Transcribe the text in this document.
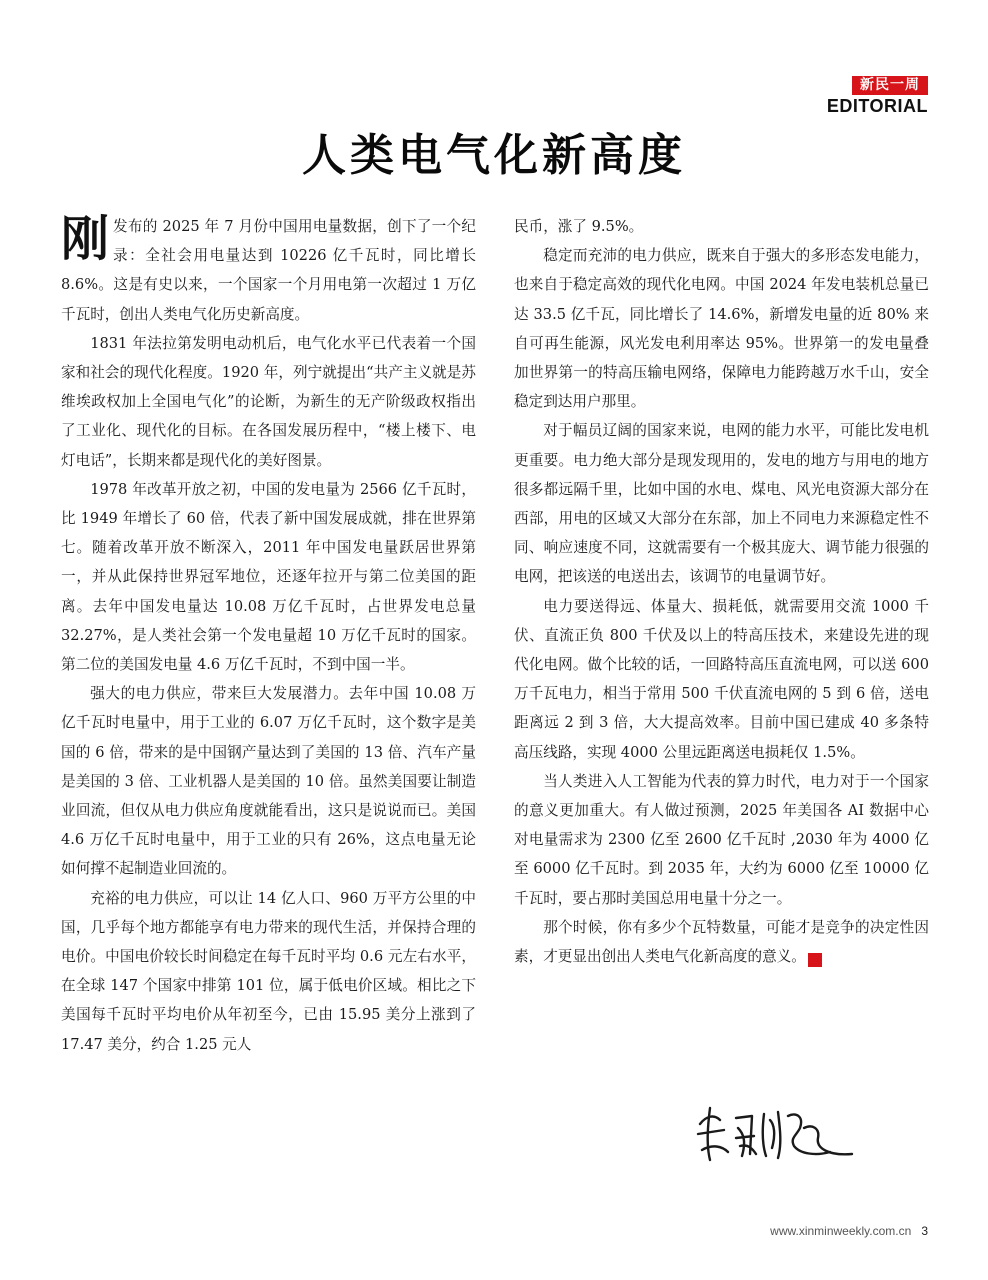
新民一周
EDITORIAL
人类电气化新高度

刚发布的 2025 年 7 月份中国用电量数据，创下了一个纪录：全社会用电量达到 10226 亿千瓦时，同比增长 8.6%。这是有史以来，一个国家一个月用电第一次超过 1 万亿千瓦时，创出人类电气化历史新高度。

1831 年法拉第发明电动机后，电气化水平已代表着一个国家和社会的现代化程度。1920 年，列宁就提出“共产主义就是苏维埃政权加上全国电气化”的论断，为新生的无产阶级政权指出了工业化、现代化的目标。在各国发展历程中，“楼上楼下、电灯电话”，长期来都是现代化的美好图景。

1978 年改革开放之初，中国的发电量为 2566 亿千瓦时，比 1949 年增长了 60 倍，代表了新中国发展成就，排在世界第七。随着改革开放不断深入，2011 年中国发电量跃居世界第一，并从此保持世界冠军地位，还逐年拉开与第二位美国的距离。去年中国发电量达 10.08 万亿千瓦时，占世界发电总量 32.27%，是人类社会第一个发电量超 10 万亿千瓦时的国家。第二位的美国发电量 4.6 万亿千瓦时，不到中国一半。

强大的电力供应，带来巨大发展潜力。去年中国 10.08 万亿千瓦时电量中，用于工业的 6.07 万亿千瓦时，这个数字是美国的 6 倍，带来的是中国钢产量达到了美国的 13 倍、汽车产量是美国的 3 倍、工业机器人是美国的 10 倍。虽然美国要让制造业回流，但仅从电力供应角度就能看出，这只是说说而已。美国 4.6 万亿千瓦时电量中，用于工业的只有 26%，这点电量无论如何撑不起制造业回流的。

充裕的电力供应，可以让 14 亿人口、960 万平方公里的中国，几乎每个地方都能享有电力带来的现代生活，并保持合理的电价。中国电价较长时间稳定在每千瓦时平均 0.6 元左右水平，在全球 147 个国家中排第 101 位，属于低电价区域。相比之下美国每千瓦时平均电价从年初至今，已由 15.95 美分上涨到了 17.47 美分，约合 1.25 元人

民币，涨了 9.5%。

稳定而充沛的电力供应，既来自于强大的多形态发电能力，也来自于稳定高效的现代化电网。中国 2024 年发电装机总量已达 33.5 亿千瓦，同比增长了 14.6%，新增发电量的近 80% 来自可再生能源，风光发电利用率达 95%。世界第一的发电量叠加世界第一的特高压输电网络，保障电力能跨越万水千山，安全稳定到达用户那里。

对于幅员辽阔的国家来说，电网的能力水平，可能比发电机更重要。电力绝大部分是现发现用的，发电的地方与用电的地方很多都远隔千里，比如中国的水电、煤电、风光电资源大部分在西部，用电的区域又大部分在东部，加上不同电力来源稳定性不同、响应速度不同，这就需要有一个极其庞大、调节能力很强的电网，把该送的电送出去，该调节的电量调节好。

电力要送得远、体量大、损耗低，就需要用交流 1000 千伏、直流正负 800 千伏及以上的特高压技术，来建设先进的现代化电网。做个比较的话，一回路特高压直流电网，可以送 600 万千瓦电力，相当于常用 500 千伏直流电网的 5 到 6 倍，送电距离远 2 到 3 倍，大大提高效率。目前中国已建成 40 多条特高压线路，实现 4000 公里远距离送电损耗仅 1.5%。

当人类进入人工智能为代表的算力时代，电力对于一个国家的意义更加重大。有人做过预测，2025 年美国各 AI 数据中心对电量需求为 2300 亿至 2600 亿千瓦时 ,2030 年为 4000 亿至 6000 亿千瓦时。到 2035 年，大约为 6000 亿至 10000 亿千瓦时，要占那时美国总用电量十分之一。

那个时候，你有多少个瓦特数量，可能才是竞争的决定性因素，才更显出创出人类电气化新高度的意义。	民

www.xinminweekly.com.cn 3
